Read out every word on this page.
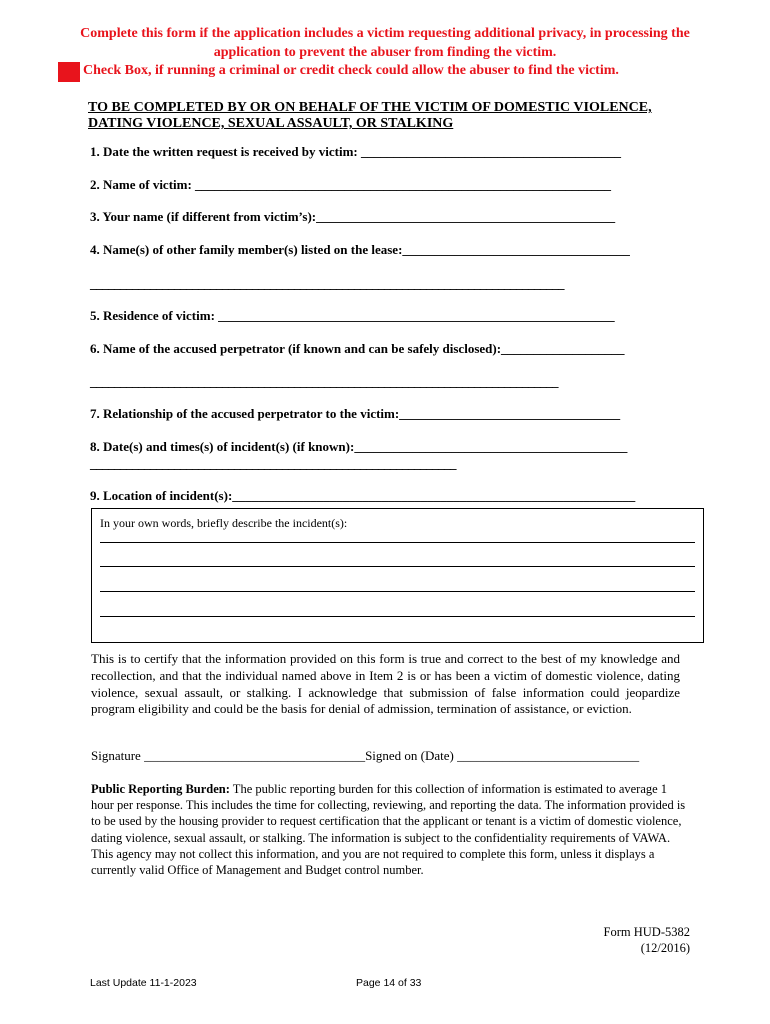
Complete this form if the application includes a victim requesting additional privacy, in processing the
application to prevent the abuser from finding the victim.
Check Box, if running a criminal or credit check could allow the abuser to find the victim.
TO BE COMPLETED BY OR ON BEHALF OF THE VICTIM OF DOMESTIC VIOLENCE,
DATING VIOLENCE, SEXUAL ASSAULT, OR STALKING
1. Date the written request is received by victim: ________________________________________
2. Name of victim: ________________________________________________________________
3. Your name (if different from victim’s):______________________________________________
4. Name(s) of other family member(s) listed on the lease:___________________________________
_______________________________________________________________________________
5. Residence of victim: _____________________________________________________________
6. Name of the accused perpetrator (if known and can be safely disclosed):___________________
______________________________________________________________________________
7. Relationship of the accused perpetrator to the victim:__________________________________
8. Date(s) and times(s) of incident(s) (if known):__________________________________________
_____________________________________________________________
9. Location of incident(s):______________________________________________________________
In your own words, briefly describe the incident(s):
This is to certify that the information provided on this form is true and correct to the best of my knowledge and recollection, and that the individual named above in Item 2 is or has been a victim of domestic violence, dating violence, sexual assault, or stalking. I acknowledge that submission of false information could jeopardize program eligibility and could be the basis for denial of admission, termination of assistance, or eviction.
Signature __________________________________Signed on (Date) ____________________________
Public Reporting Burden: The public reporting burden for this collection of information is estimated to average 1 hour per response. This includes the time for collecting, reviewing, and reporting the data. The information provided is to be used by the housing provider to request certification that the applicant or tenant is a victim of domestic violence, dating violence, sexual assault, or stalking. The information is subject to the confidentiality requirements of VAWA. This agency may not collect this information, and you are not required to complete this form, unless it displays a currently valid Office of Management and Budget control number.
Form HUD-5382
(12/2016)
Last Update 11-1-2023	Page 14 of 33
